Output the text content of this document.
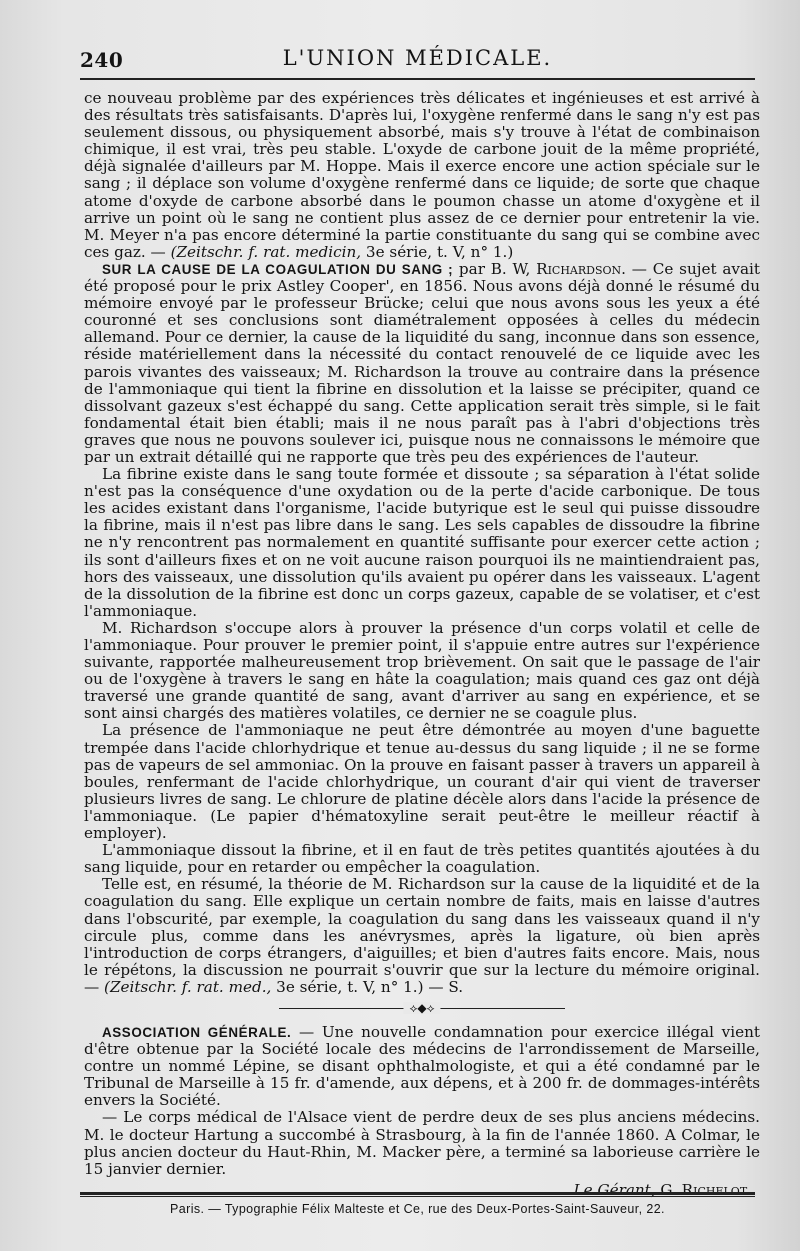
240	L'UNION MÉDICALE.

ce nouveau problème par des expériences très délicates et ingénieuses et est arrivé à des résultats très satisfaisants. D'après lui, l'oxygène renfermé dans le sang n'y est pas seulement dissous, ou physiquement absorbé, mais s'y trouve à l'état de combinaison chimique, il est vrai, très peu stable. L'oxyde de carbone jouit de la même propriété, déjà signalée d'ailleurs par M. Hoppe. Mais il exerce encore une action spéciale sur le sang ; il déplace son volume d'oxygène renfermé dans ce liquide; de sorte que chaque atome d'oxyde de carbone absorbé dans le poumon chasse un atome d'oxygène et il arrive un point où le sang ne contient plus assez de ce dernier pour entretenir la vie. M. Meyer n'a pas encore déterminé la partie constituante du sang qui se combine avec ces gaz. — (Zeitschr. f. rat. medicin, 3e série, t. V, n° 1.)

SUR LA CAUSE DE LA COAGULATION DU SANG ; par B. W, Richardson. — Ce sujet avait été proposé pour le prix Astley Cooper', en 1856. Nous avons déjà donné le résumé du mémoire envoyé par le professeur Brücke; celui que nous avons sous les yeux a été couronné et ses conclusions sont diamétralement opposées à celles du médecin allemand. Pour ce dernier, la cause de la liquidité du sang, inconnue dans son essence, réside matériellement dans la nécessité du contact renouvelé de ce liquide avec les parois vivantes des vaisseaux; M. Richardson la trouve au contraire dans la présence de l'ammoniaque qui tient la fibrine en dissolution et la laisse se précipiter, quand ce dissolvant gazeux s'est échappé du sang. Cette application serait très simple, si le fait fondamental était bien établi; mais il ne nous paraît pas à l'abri d'objections très graves que nous ne pouvons soulever ici, puisque nous ne connaissons le mémoire que par un extrait détaillé qui ne rapporte que très peu des expériences de l'auteur.

La fibrine existe dans le sang toute formée et dissoute ; sa séparation à l'état solide n'est pas la conséquence d'une oxydation ou de la perte d'acide carbonique. De tous les acides existant dans l'organisme, l'acide butyrique est le seul qui puisse dissoudre la fibrine, mais il n'est pas libre dans le sang. Les sels capables de dissoudre la fibrine ne n'y rencontrent pas normalement en quantité suffisante pour exercer cette action ; ils sont d'ailleurs fixes et on ne voit aucune raison pourquoi ils ne maintiendraient pas, hors des vaisseaux, une dissolution qu'ils avaient pu opérer dans les vaisseaux. L'agent de la dissolution de la fibrine est donc un corps gazeux, capable de se volatiser, et c'est l'ammoniaque.

M. Richardson s'occupe alors à prouver la présence d'un corps volatil et celle de l'ammoniaque. Pour prouver le premier point, il s'appuie entre autres sur l'expérience suivante, rapportée malheureusement trop brièvement. On sait que le passage de l'air ou de l'oxygène à travers le sang en hâte la coagulation; mais quand ces gaz ont déjà traversé une grande quantité de sang, avant d'arriver au sang en expérience, et se sont ainsi chargés des matières volatiles, ce dernier ne se coagule plus.

La présence de l'ammoniaque ne peut être démontrée au moyen d'une baguette trempée dans l'acide chlorhydrique et tenue au-dessus du sang liquide ; il ne se forme pas de vapeurs de sel ammoniac. On la prouve en faisant passer à travers un appareil à boules, renfermant de l'acide chlorhydrique, un courant d'air qui vient de traverser plusieurs livres de sang. Le chlorure de platine décèle alors dans l'acide la présence de l'ammoniaque. (Le papier d'hématoxyline serait peut-être le meilleur réactif à employer).

L'ammoniaque dissout la fibrine, et il en faut de très petites quantités ajoutées à du sang liquide, pour en retarder ou empêcher la coagulation.

Telle est, en résumé, la théorie de M. Richardson sur la cause de la liquidité et de la coagulation du sang. Elle explique un certain nombre de faits, mais en laisse d'autres dans l'obscurité, par exemple, la coagulation du sang dans les vaisseaux quand il n'y circule plus, comme dans les anévrysmes, après la ligature, où bien après l'introduction de corps étrangers, d'aiguilles; et bien d'autres faits encore. Mais, nous le répétons, la discussion ne pourrait s'ouvrir que sur la lecture du mémoire original. — (Zeitschr. f. rat. med., 3e série, t. V, n° 1.) — S.

⟡◆⟡

ASSOCIATION GÉNÉRALE. — Une nouvelle condamnation pour exercice illégal vient d'être obtenue par la Société locale des médecins de l'arrondissement de Marseille, contre un nommé Lépine, se disant ophthalmologiste, et qui a été condamné par le Tribunal de Marseille à 15 fr. d'amende, aux dépens, et à 200 fr. de dommages-intérêts envers la Société.

— Le corps médical de l'Alsace vient de perdre deux de ses plus anciens médecins. M. le docteur Hartung a succombé à Strasbourg, à la fin de l'année 1860. A Colmar, le plus ancien docteur du Haut-Rhin, M. Macker père, a terminé sa laborieuse carrière le 15 janvier dernier.

Le Gérant, G. Richelot.
Paris. — Typographie Félix Malteste et Ce, rue des Deux-Portes-Saint-Sauveur, 22.
